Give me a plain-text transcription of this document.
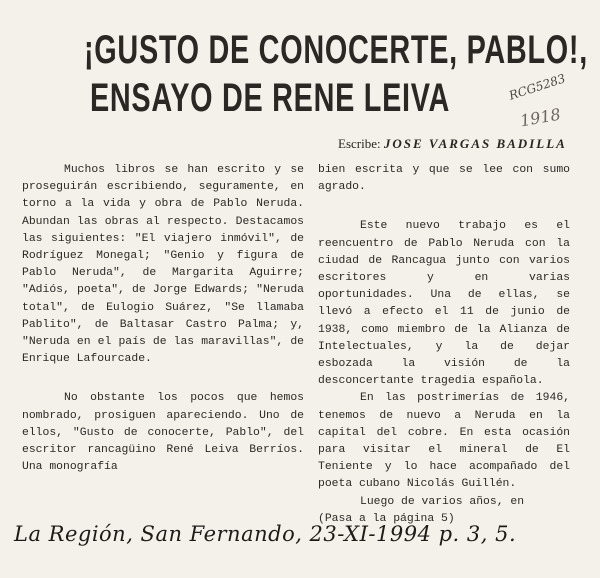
¡GUSTO DE CONOCERTE, PABLO!,
ENSAYO DE RENE LEIVA	RCG5283
1918
Escribe: JOSE VARGAS BADILLA

Muchos libros se han escrito y se proseguirán escribiendo, seguramente, en torno a la vida y obra de Pablo Neruda. Abundan las obras al respecto. Destacamos las siguientes: "El viajero inmóvil", de Rodríguez Monegal; "Genio y figura de Pablo Neruda", de Margarita Aguirre; "Adiós, poeta", de Jorge Edwards; "Neruda total", de Eulogio Suárez, "Se llamaba Pablito", de Baltasar Castro Palma; y, "Neruda en el país de las maravillas", de Enrique Lafourcade.

No obstante los pocos que hemos nombrado, prosiguen apareciendo. Uno de ellos, "Gusto de conocerte, Pablo", del escritor rancagüino René Leiva Berríos. Una monografía

bien escrita y que se lee con sumo agrado.

Este nuevo trabajo es el reencuentro de Pablo Neruda con la ciudad de Rancagua junto con varios escritores y en varias oportunidades. Una de ellas, se llevó a efecto el 11 de junio de 1938, como miembro de la Alianza de Intelectuales, y la de dejar esbozada la visión de la desconcertante tragedia española.

En las postrimerías de 1946, tenemos de nuevo a Neruda en la capital del cobre. En esta ocasión para visitar el mineral de El Teniente y lo hace acompañado del poeta cubano Nicolás Guillén.

Luego de varios años, en

(Pasa a la página 5)

La Región, San Fernando, 23-XI-1994 p. 3, 5.
